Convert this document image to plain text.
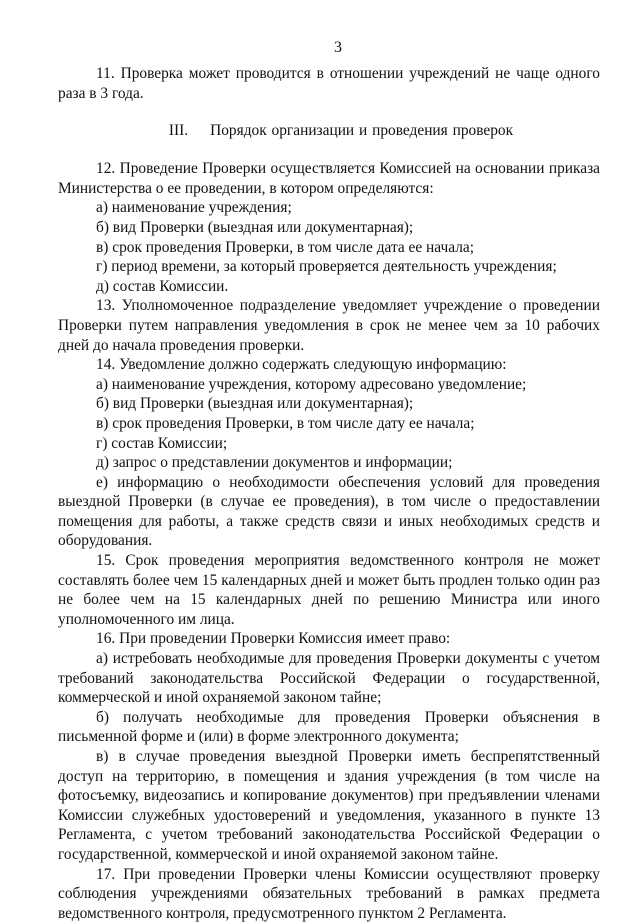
3

11. Проверка может проводится в отношении учреждений не чаще одного раза в 3 года.

III. Порядок организации и проведения проверок

12. Проведение Проверки осуществляется Комиссией на основании приказа Министерства о ее проведении, в котором определяются:

а) наименование учреждения;

б) вид Проверки (выездная или документарная);

в) срок проведения Проверки, в том числе дата ее начала;

г) период времени, за который проверяется деятельность учреждения;

д) состав Комиссии.

13. Уполномоченное подразделение уведомляет учреждение о проведении Проверки путем направления уведомления в срок не менее чем за 10 рабочих дней до начала проведения проверки.

14. Уведомление должно содержать следующую информацию:

а) наименование учреждения, которому адресовано уведомление;

б) вид Проверки (выездная или документарная);

в) срок проведения Проверки, в том числе дату ее начала;

г) состав Комиссии;

д) запрос о представлении документов и информации;

е) информацию о необходимости обеспечения условий для проведения выездной Проверки (в случае ее проведения), в том числе о предоставлении помещения для работы, а также средств связи и иных необходимых средств и оборудования.

15. Срок проведения мероприятия ведомственного контроля не может составлять более чем 15 календарных дней и может быть продлен только один раз не более чем на 15 календарных дней по решению Министра или иного уполномоченного им лица.

16. При проведении Проверки Комиссия имеет право:

а) истребовать необходимые для проведения Проверки документы с учетом требований законодательства Российской Федерации о государственной, коммерческой и иной охраняемой законом тайне;

б) получать необходимые для проведения Проверки объяснения в письменной форме и (или) в форме электронного документа;

в) в случае проведения выездной Проверки иметь беспрепятственный доступ на территорию, в помещения и здания учреждения (в том числе на фотосъемку, видеозапись и копирование документов) при предъявлении членами Комиссии служебных удостоверений и уведомления, указанного в пункте 13 Регламента, с учетом требований законодательства Российской Федерации о государственной, коммерческой и иной охраняемой законом тайне.

17. При проведении Проверки члены Комиссии осуществляют проверку соблюдения учреждениями обязательных требований в рамках предмета ведомственного контроля, предусмотренного пунктом 2 Регламента.
